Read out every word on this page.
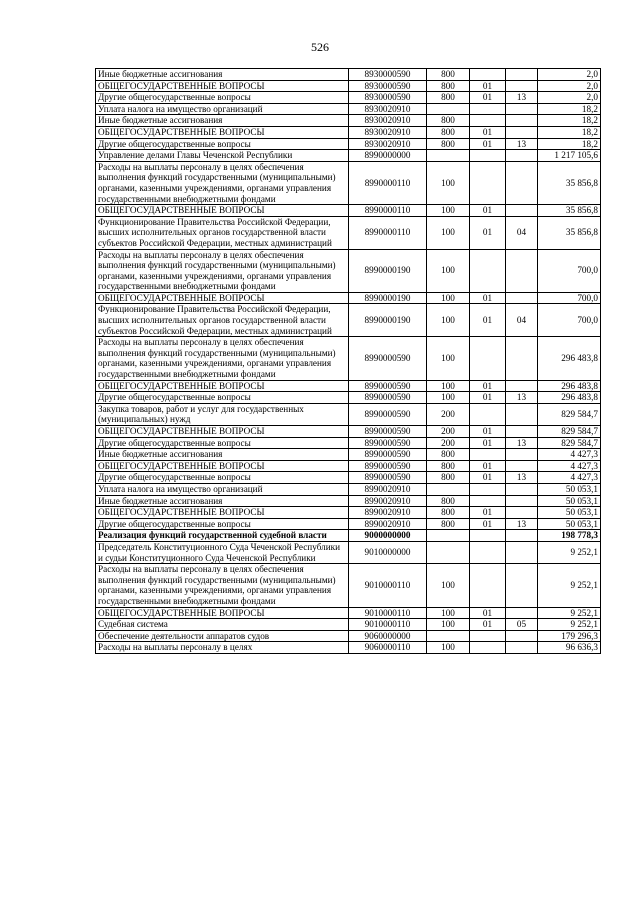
526
Иные бюджетные ассигнования	8930000590	800			2,0
ОБЩЕГОСУДАРСТВЕННЫЕ ВОПРОСЫ	8930000590	800	01		2,0
Другие общегосударственные вопросы	8930000590	800	01	13	2,0
Уплата налога на имущество организаций	8930020910				18,2
Иные бюджетные ассигнования	8930020910	800			18,2
ОБЩЕГОСУДАРСТВЕННЫЕ ВОПРОСЫ	8930020910	800	01		18,2
Другие общегосударственные вопросы	8930020910	800	01	13	18,2
Управление делами Главы Чеченской Республики	8990000000				1 217 105,6
Расходы на выплаты персоналу в целях обеспечения выполнения функций государственными (муниципальными) органами, казенными учреждениями, органами управления государственными внебюджетными фондами	8990000110	100			35 856,8
ОБЩЕГОСУДАРСТВЕННЫЕ ВОПРОСЫ	8990000110	100	01		35 856,8
Функционирование Правительства Российской Федерации, высших исполнительных органов государственной власти субъектов Российской Федерации, местных администраций	8990000110	100	01	04	35 856,8
Расходы на выплаты персоналу в целях обеспечения выполнения функций государственными (муниципальными) органами, казенными учреждениями, органами управления государственными внебюджетными фондами	8990000190	100			700,0
ОБЩЕГОСУДАРСТВЕННЫЕ ВОПРОСЫ	8990000190	100	01		700,0
Функционирование Правительства Российской Федерации, высших исполнительных органов государственной власти субъектов Российской Федерации, местных администраций	8990000190	100	01	04	700,0
Расходы на выплаты персоналу в целях обеспечения выполнения функций государственными (муниципальными) органами, казенными учреждениями, органами управления государственными внебюджетными фондами	8990000590	100			296 483,8
ОБЩЕГОСУДАРСТВЕННЫЕ ВОПРОСЫ	8990000590	100	01		296 483,8
Другие общегосударственные вопросы	8990000590	100	01	13	296 483,8
Закупка товаров, работ и услуг для государственных (муниципальных) нужд	8990000590	200			829 584,7
ОБЩЕГОСУДАРСТВЕННЫЕ ВОПРОСЫ	8990000590	200	01		829 584,7
Другие общегосударственные вопросы	8990000590	200	01	13	829 584,7
Иные бюджетные ассигнования	8990000590	800			4 427,3
ОБЩЕГОСУДАРСТВЕННЫЕ ВОПРОСЫ	8990000590	800	01		4 427,3
Другие общегосударственные вопросы	8990000590	800	01	13	4 427,3
Уплата налога на имущество организаций	8990020910				50 053,1
Иные бюджетные ассигнования	8990020910	800			50 053,1
ОБЩЕГОСУДАРСТВЕННЫЕ ВОПРОСЫ	8990020910	800	01		50 053,1
Другие общегосударственные вопросы	8990020910	800	01	13	50 053,1
Реализация функций государственной судебной власти	9000000000				198 778,3
Председатель Конституционного Суда Чеченской Республики и судьи Конституционного Суда Чеченской Республики	9010000000				9 252,1
Расходы на выплаты персоналу в целях обеспечения выполнения функций государственными (муниципальными) органами, казенными учреждениями, органами управления государственными внебюджетными фондами	9010000110	100			9 252,1
ОБЩЕГОСУДАРСТВЕННЫЕ ВОПРОСЫ	9010000110	100	01		9 252,1
Судебная система	9010000110	100	01	05	9 252,1
Обеспечение деятельности аппаратов судов	9060000000				179 296,3
Расходы на выплаты персоналу в целях	9060000110	100			96 636,3
